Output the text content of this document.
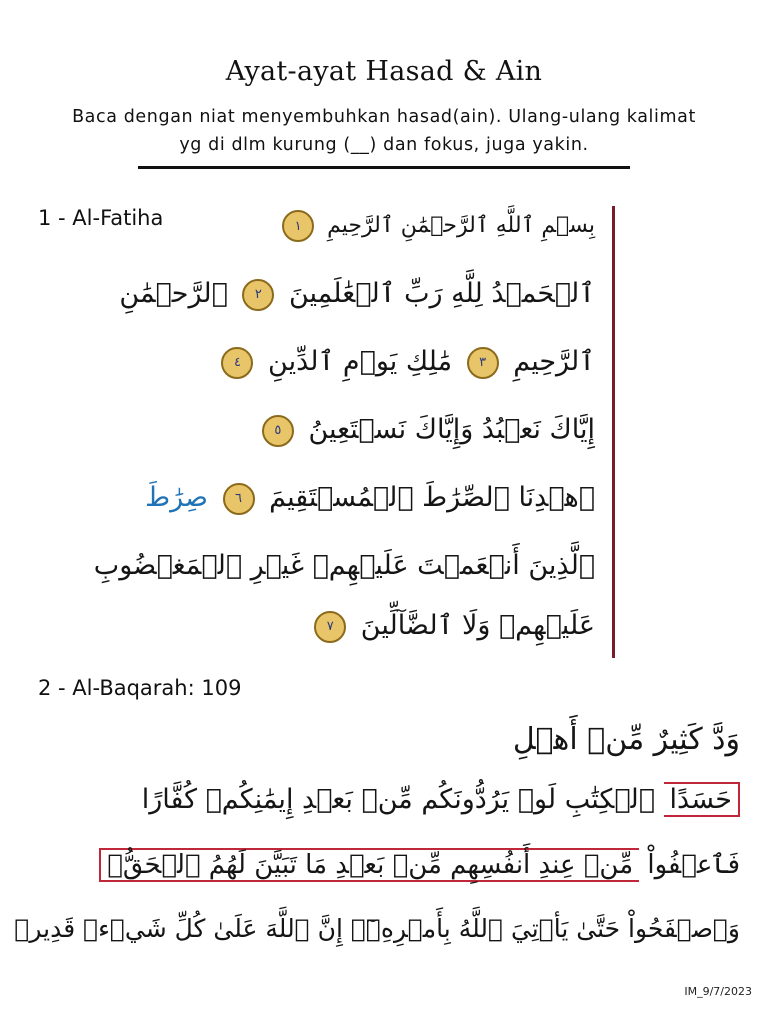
Ayat-ayat Hasad & Ain
Baca dengan niat menyembuhkan hasad(ain). Ulang-ulang kalimat yg di dlm kurung (__) dan fokus, juga yakin.
1 - Al-Fatiha	بِسۡمِ ٱللَّهِ ٱلرَّحۡمَٰنِ ٱلرَّحِيمِ ١
ٱلۡحَمۡدُ لِلَّهِ رَبِّ ٱلۡعَٰلَمِينَ ٢ ٱلرَّحۡمَٰنِ
ٱلرَّحِيمِ ٣ مَٰلِكِ يَوۡمِ ٱلدِّينِ ٤
إِيَّاكَ نَعۡبُدُ وَإِيَّاكَ نَسۡتَعِينُ ٥
ٱهۡدِنَا ٱلصِّرَٰطَ ٱلۡمُسۡتَقِيمَ ٦ صِرَٰطَ
ٱلَّذِينَ أَنۡعَمۡتَ عَلَيۡهِمۡ غَيۡرِ ٱلۡمَغۡضُوبِ
عَلَيۡهِمۡ وَلَا ٱلضَّآلِّينَ ٧
2 - Al-Baqarah: 109
وَدَّ كَثِيرٌ مِّنۡ أَهۡلِ
حَسَدًا ٱلۡكِتَٰبِ لَوۡ يَرُدُّونَكُم مِّنۢ بَعۡدِ إِيمَٰنِكُمۡ كُفَّارًا
فَٱعۡفُواْ مِّنۡ عِندِ أَنفُسِهِم مِّنۢ بَعۡدِ مَا تَبَيَّنَ لَهُمُ ٱلۡحَقُّۖ
وَٱصۡفَحُواْ حَتَّىٰ يَأۡتِيَ ٱللَّهُ بِأَمۡرِهِۦٓۗ إِنَّ ٱللَّهَ عَلَىٰ كُلِّ شَيۡءٖ قَدِيرٞ
IM_9/7/2023
